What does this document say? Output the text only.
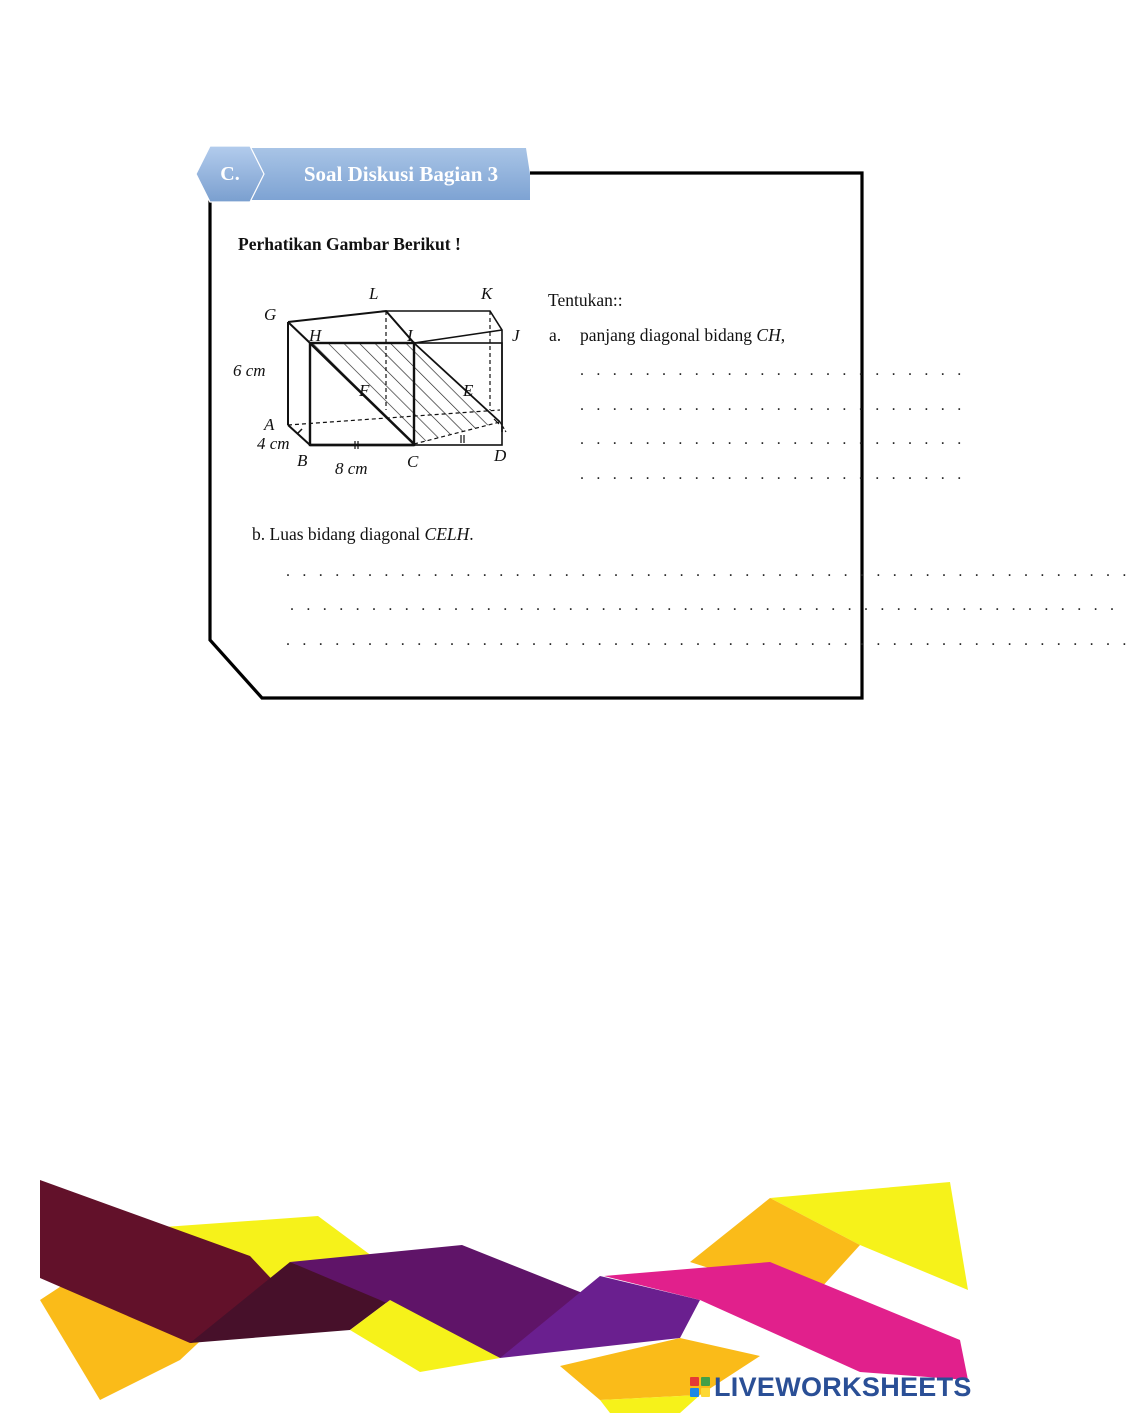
C.	Soal Diskusi Bagian 3
Perhatikan Gambar Berikut !
L	K
G
H	I	J
6 cm
F	E
A
4 cm
D
B	C
8 cm
Tentukan::
a. panjang diagonal bidang CH,
. . . . . . . . . . . . . . . . . . . . . . . .
. . . . . . . . . . . . . . . . . . . . . . . .
. . . . . . . . . . . . . . . . . . . . . . . .
. . . . . . . . . . . . . . . . . . . . . . . .
b. Luas bidang diagonal CELH.
. . . . . . . . . . . . . . . . . . . . . . . . . . . . . . . . . . . . . . . . . . . . . . . . . . . .
. . . . . . . . . . . . . . . . . . . . . . . . . . . . . . . . . . . . . . . . . . . . . . . . . . .
. . . . . . . . . . . . . . . . . . . . . . . . . . . . . . . . . . . . . . . . . . . . . . . . . . . .
LIVEWORKSHEETS
